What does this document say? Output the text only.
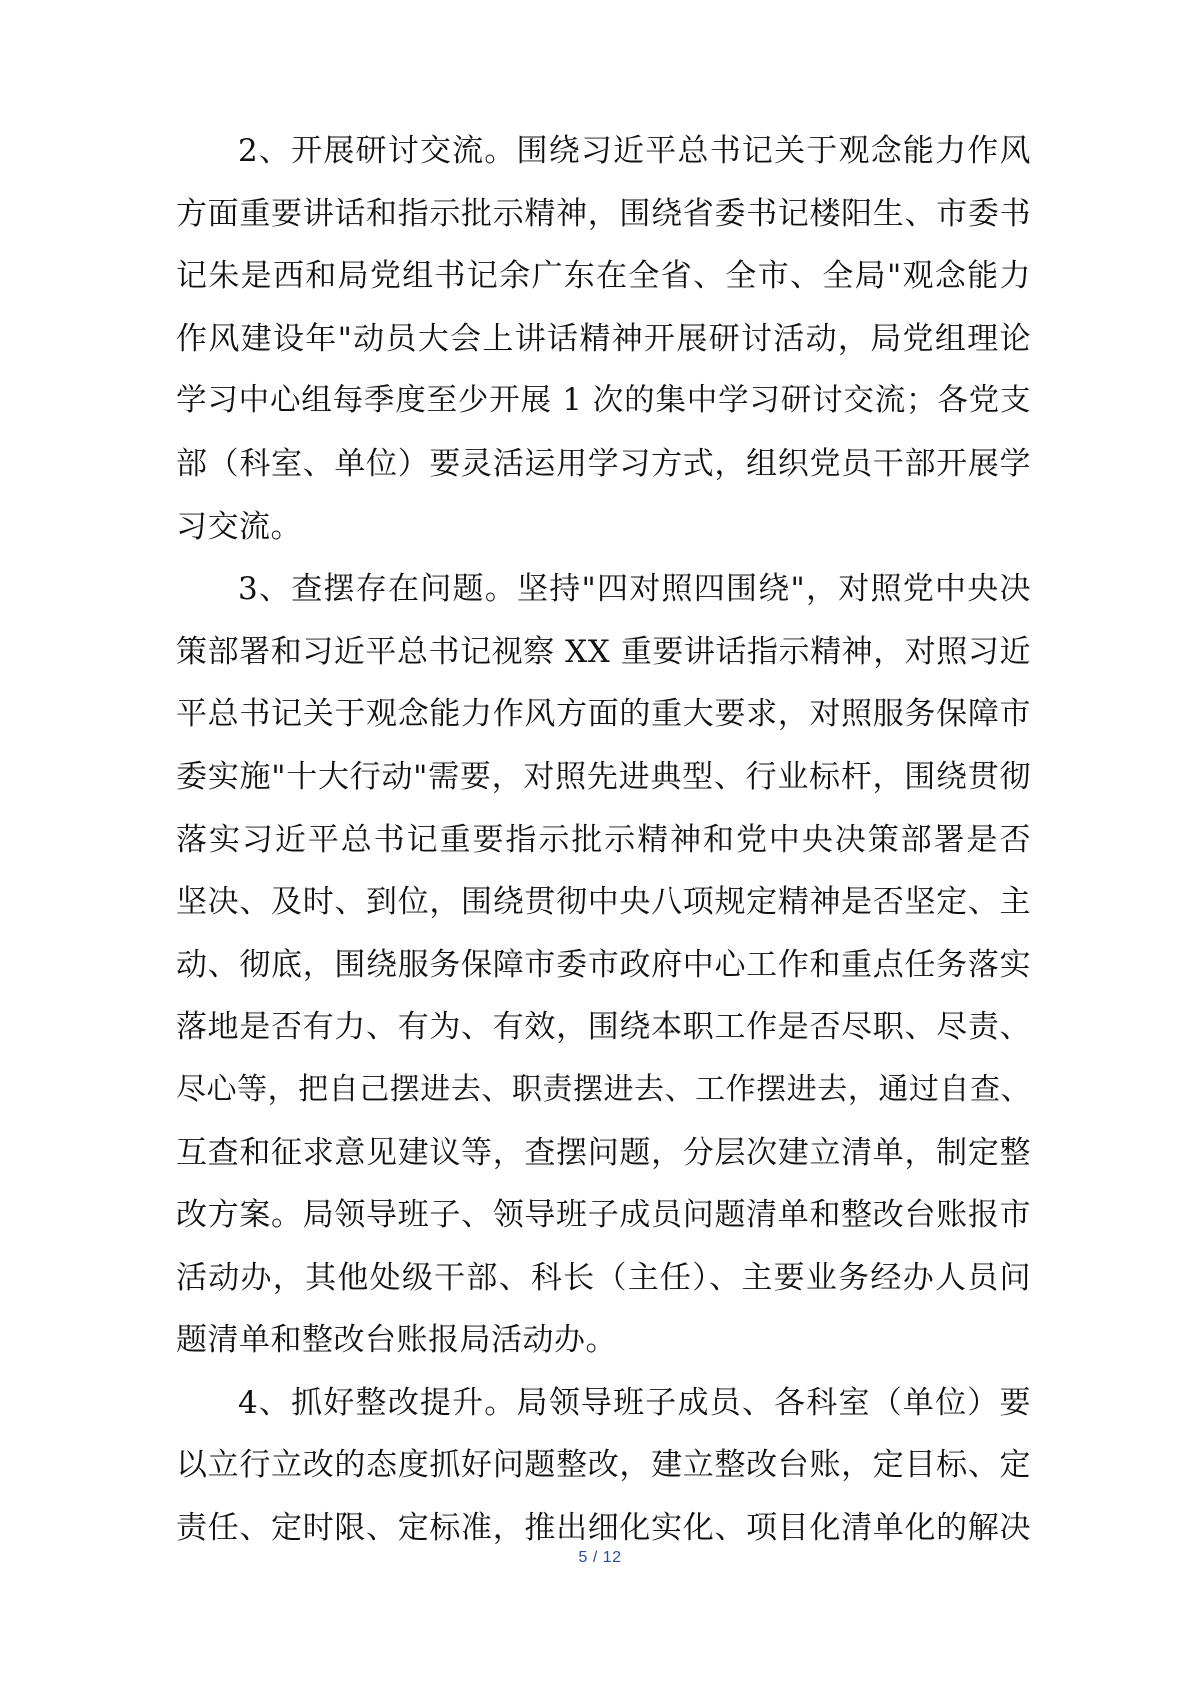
2、开展研讨交流。围绕习近平总书记关于观念能力作风
方面重要讲话和指示批示精神，围绕省委书记楼阳生、市委书
记朱是西和局党组书记余广东在全省、全市、全局"观念能力
作风建设年"动员大会上讲话精神开展研讨活动，局党组理论
学习中心组每季度至少开展 1 次的集中学习研讨交流；各党支
部（科室、单位）要灵活运用学习方式，组织党员干部开展学
习交流。
3、查摆存在问题。坚持"四对照四围绕"，对照党中央决
策部署和习近平总书记视察 XX 重要讲话指示精神，对照习近
平总书记关于观念能力作风方面的重大要求，对照服务保障市
委实施"十大行动"需要，对照先进典型、行业标杆，围绕贯彻
落实习近平总书记重要指示批示精神和党中央决策部署是否
坚决、及时、到位，围绕贯彻中央八项规定精神是否坚定、主
动、彻底，围绕服务保障市委市政府中心工作和重点任务落实
落地是否有力、有为、有效，围绕本职工作是否尽职、尽责、
尽心等，把自己摆进去、职责摆进去、工作摆进去，通过自查、
互查和征求意见建议等，查摆问题，分层次建立清单，制定整
改方案。局领导班子、领导班子成员问题清单和整改台账报市
活动办，其他处级干部、科长（主任）、主要业务经办人员问
题清单和整改台账报局活动办。
4、抓好整改提升。局领导班子成员、各科室（单位）要
以立行立改的态度抓好问题整改，建立整改台账，定目标、定
责任、定时限、定标准，推出细化实化、项目化清单化的解决
5 / 12
